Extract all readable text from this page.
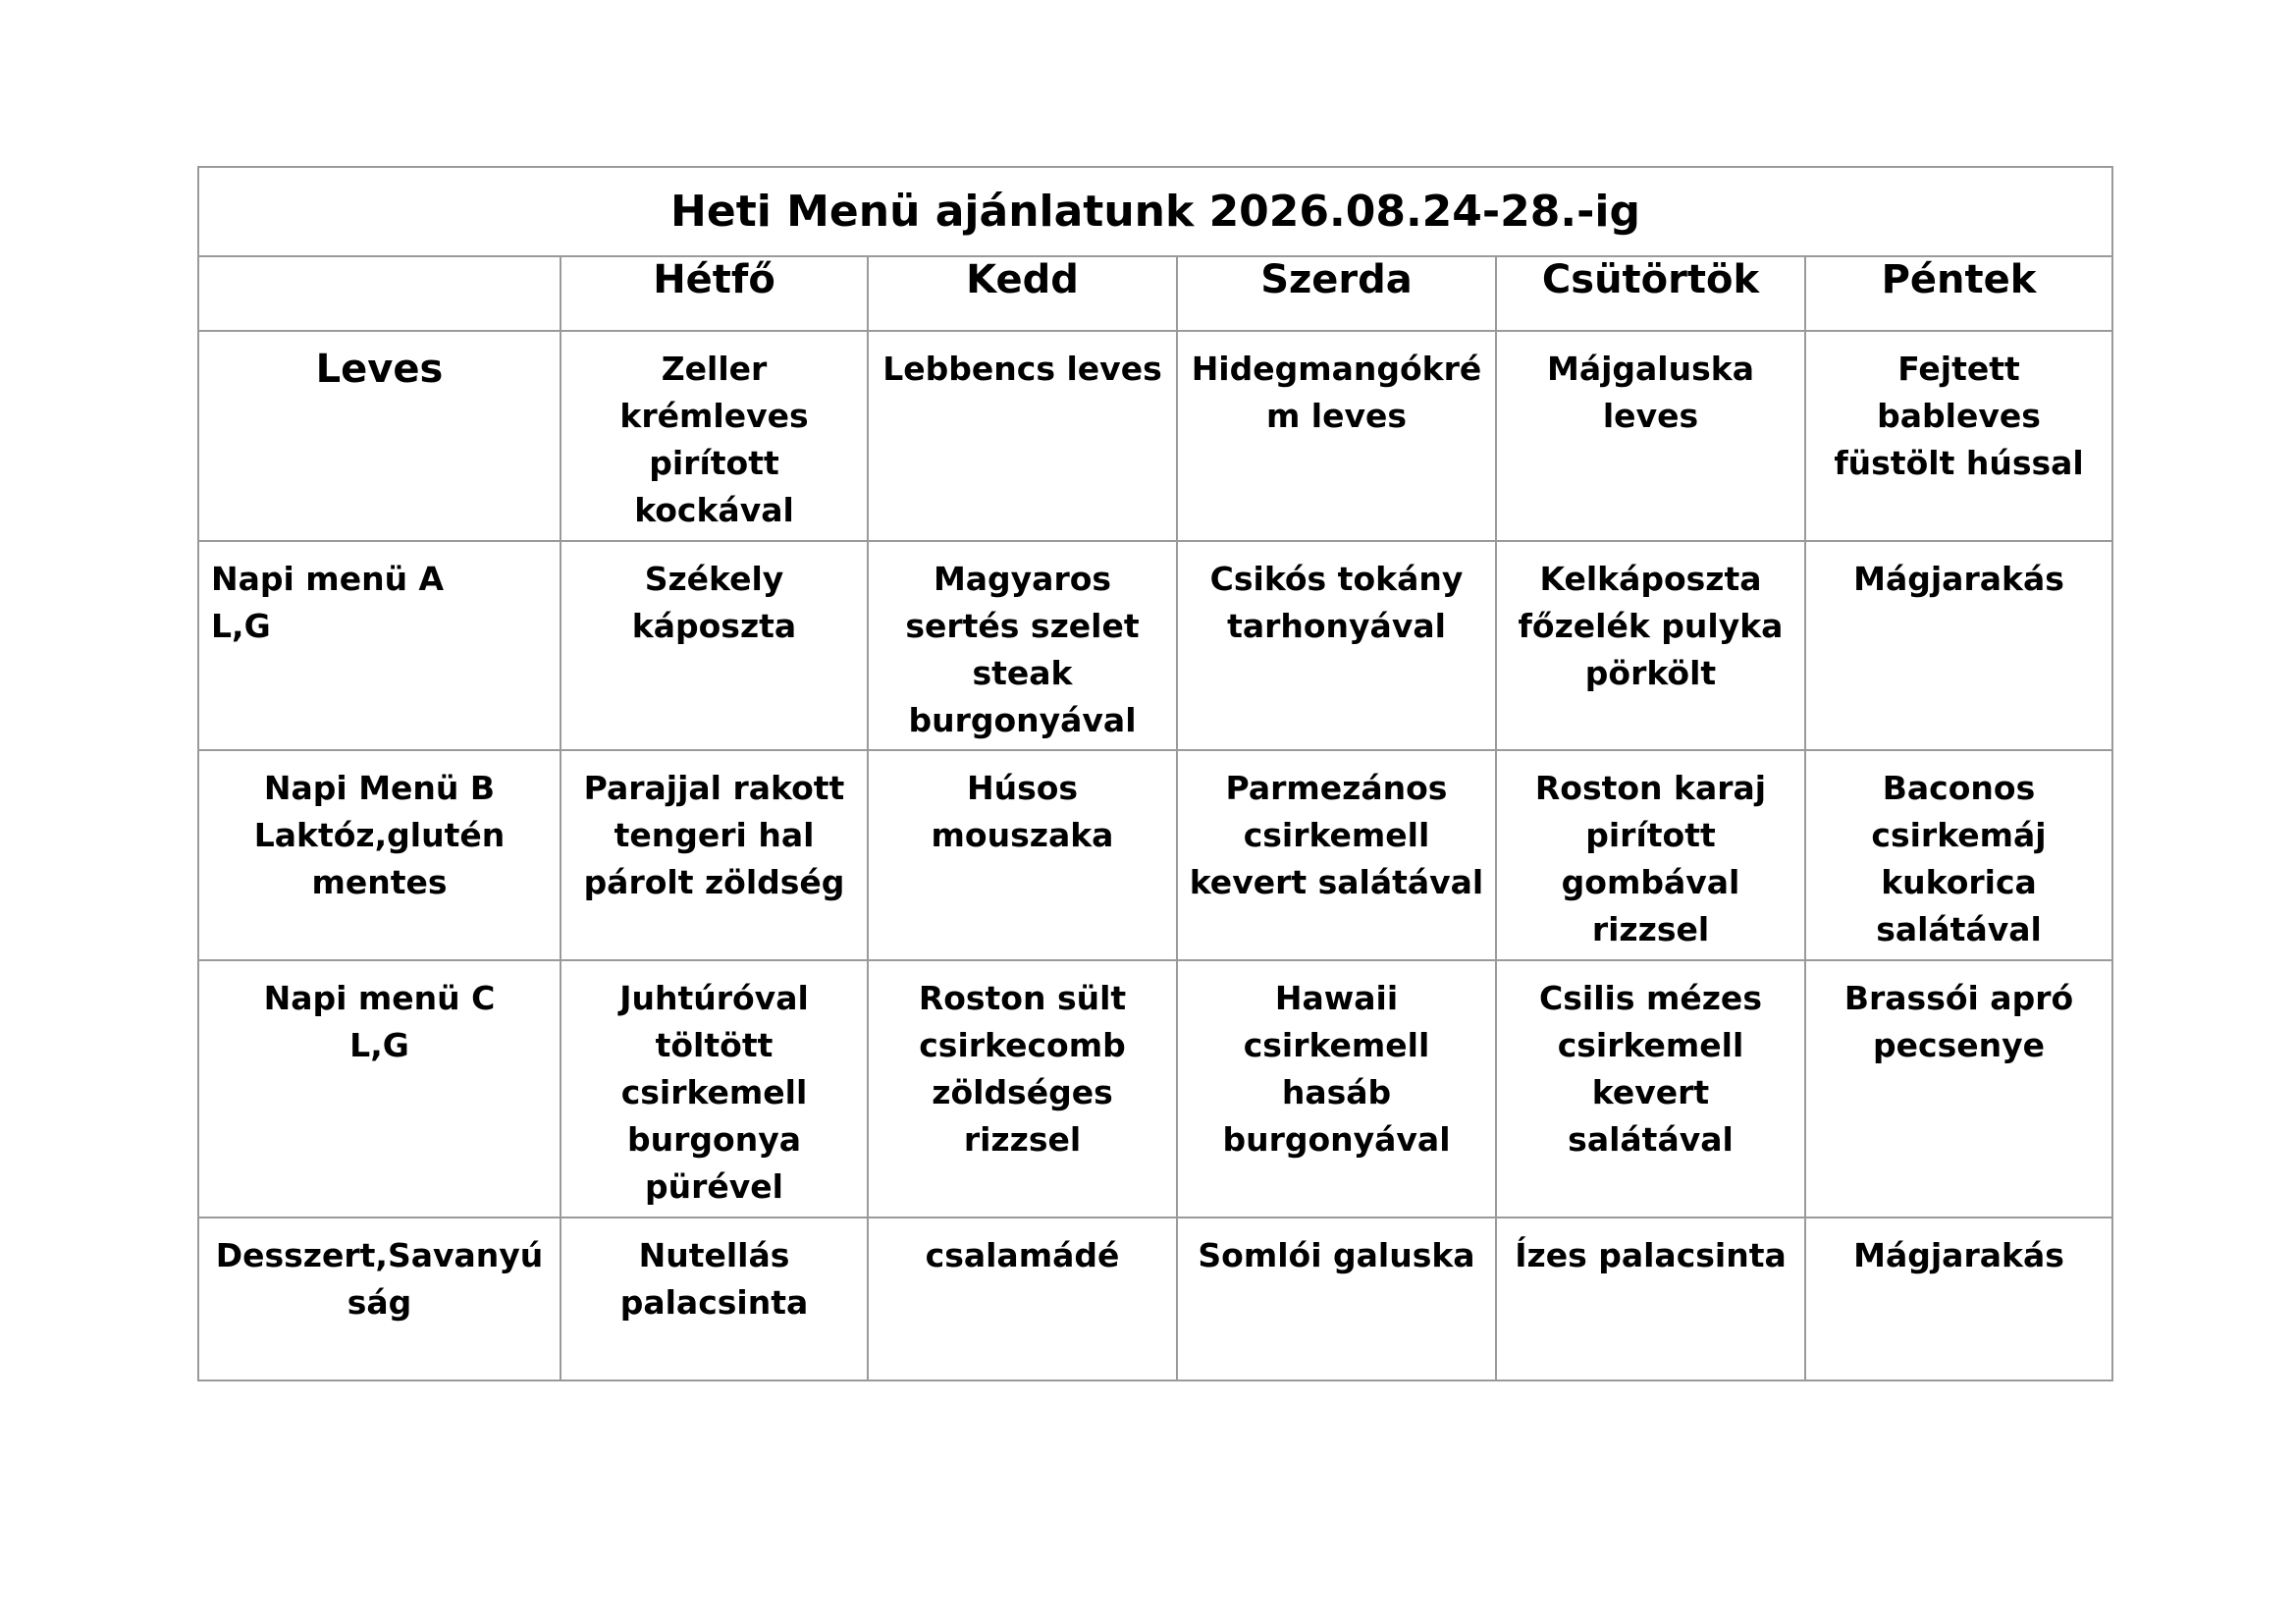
Heti Menü ajánlatunk 2026.08.24-28.-ig					
	Hétfő	Kedd	Szerda	Csütörtök	Péntek

Leves	Zeller
krémleves
pirított
kockával	Lebbencs leves	Hidegmangókré
m leves	Májgaluska
leves	Fejtett
bableves
füstölt hússal

Napi menü A
L,G	Székely
káposzta	Magyaros
sertés szelet
steak
burgonyával	Csikós tokány
tarhonyával	Kelkáposzta
főzelék pulyka
pörkölt	Mágjarakás

Napi Menü B
Laktóz,glutén
mentes	Parajjal rakott
tengeri hal
párolt zöldség	Húsos
mouszaka	Parmezános
csirkemell
kevert salátával	Roston karaj
pirított
gombával
rizzsel	Baconos
csirkemáj
kukorica
salátával

Napi menü C
L,G	Juhtúróval
töltött
csirkemell
burgonya
pürével	Roston sült
csirkecomb
zöldséges
rizzsel	Hawaii
csirkemell
hasáb
burgonyával	Csilis mézes
csirkemell
kevert
salátával	Brassói apró
pecsenye

Desszert,Savanyú
ság	Nutellás
palacsinta	csalamádé	Somlói galuska	Ízes palacsinta	Mágjarakás
